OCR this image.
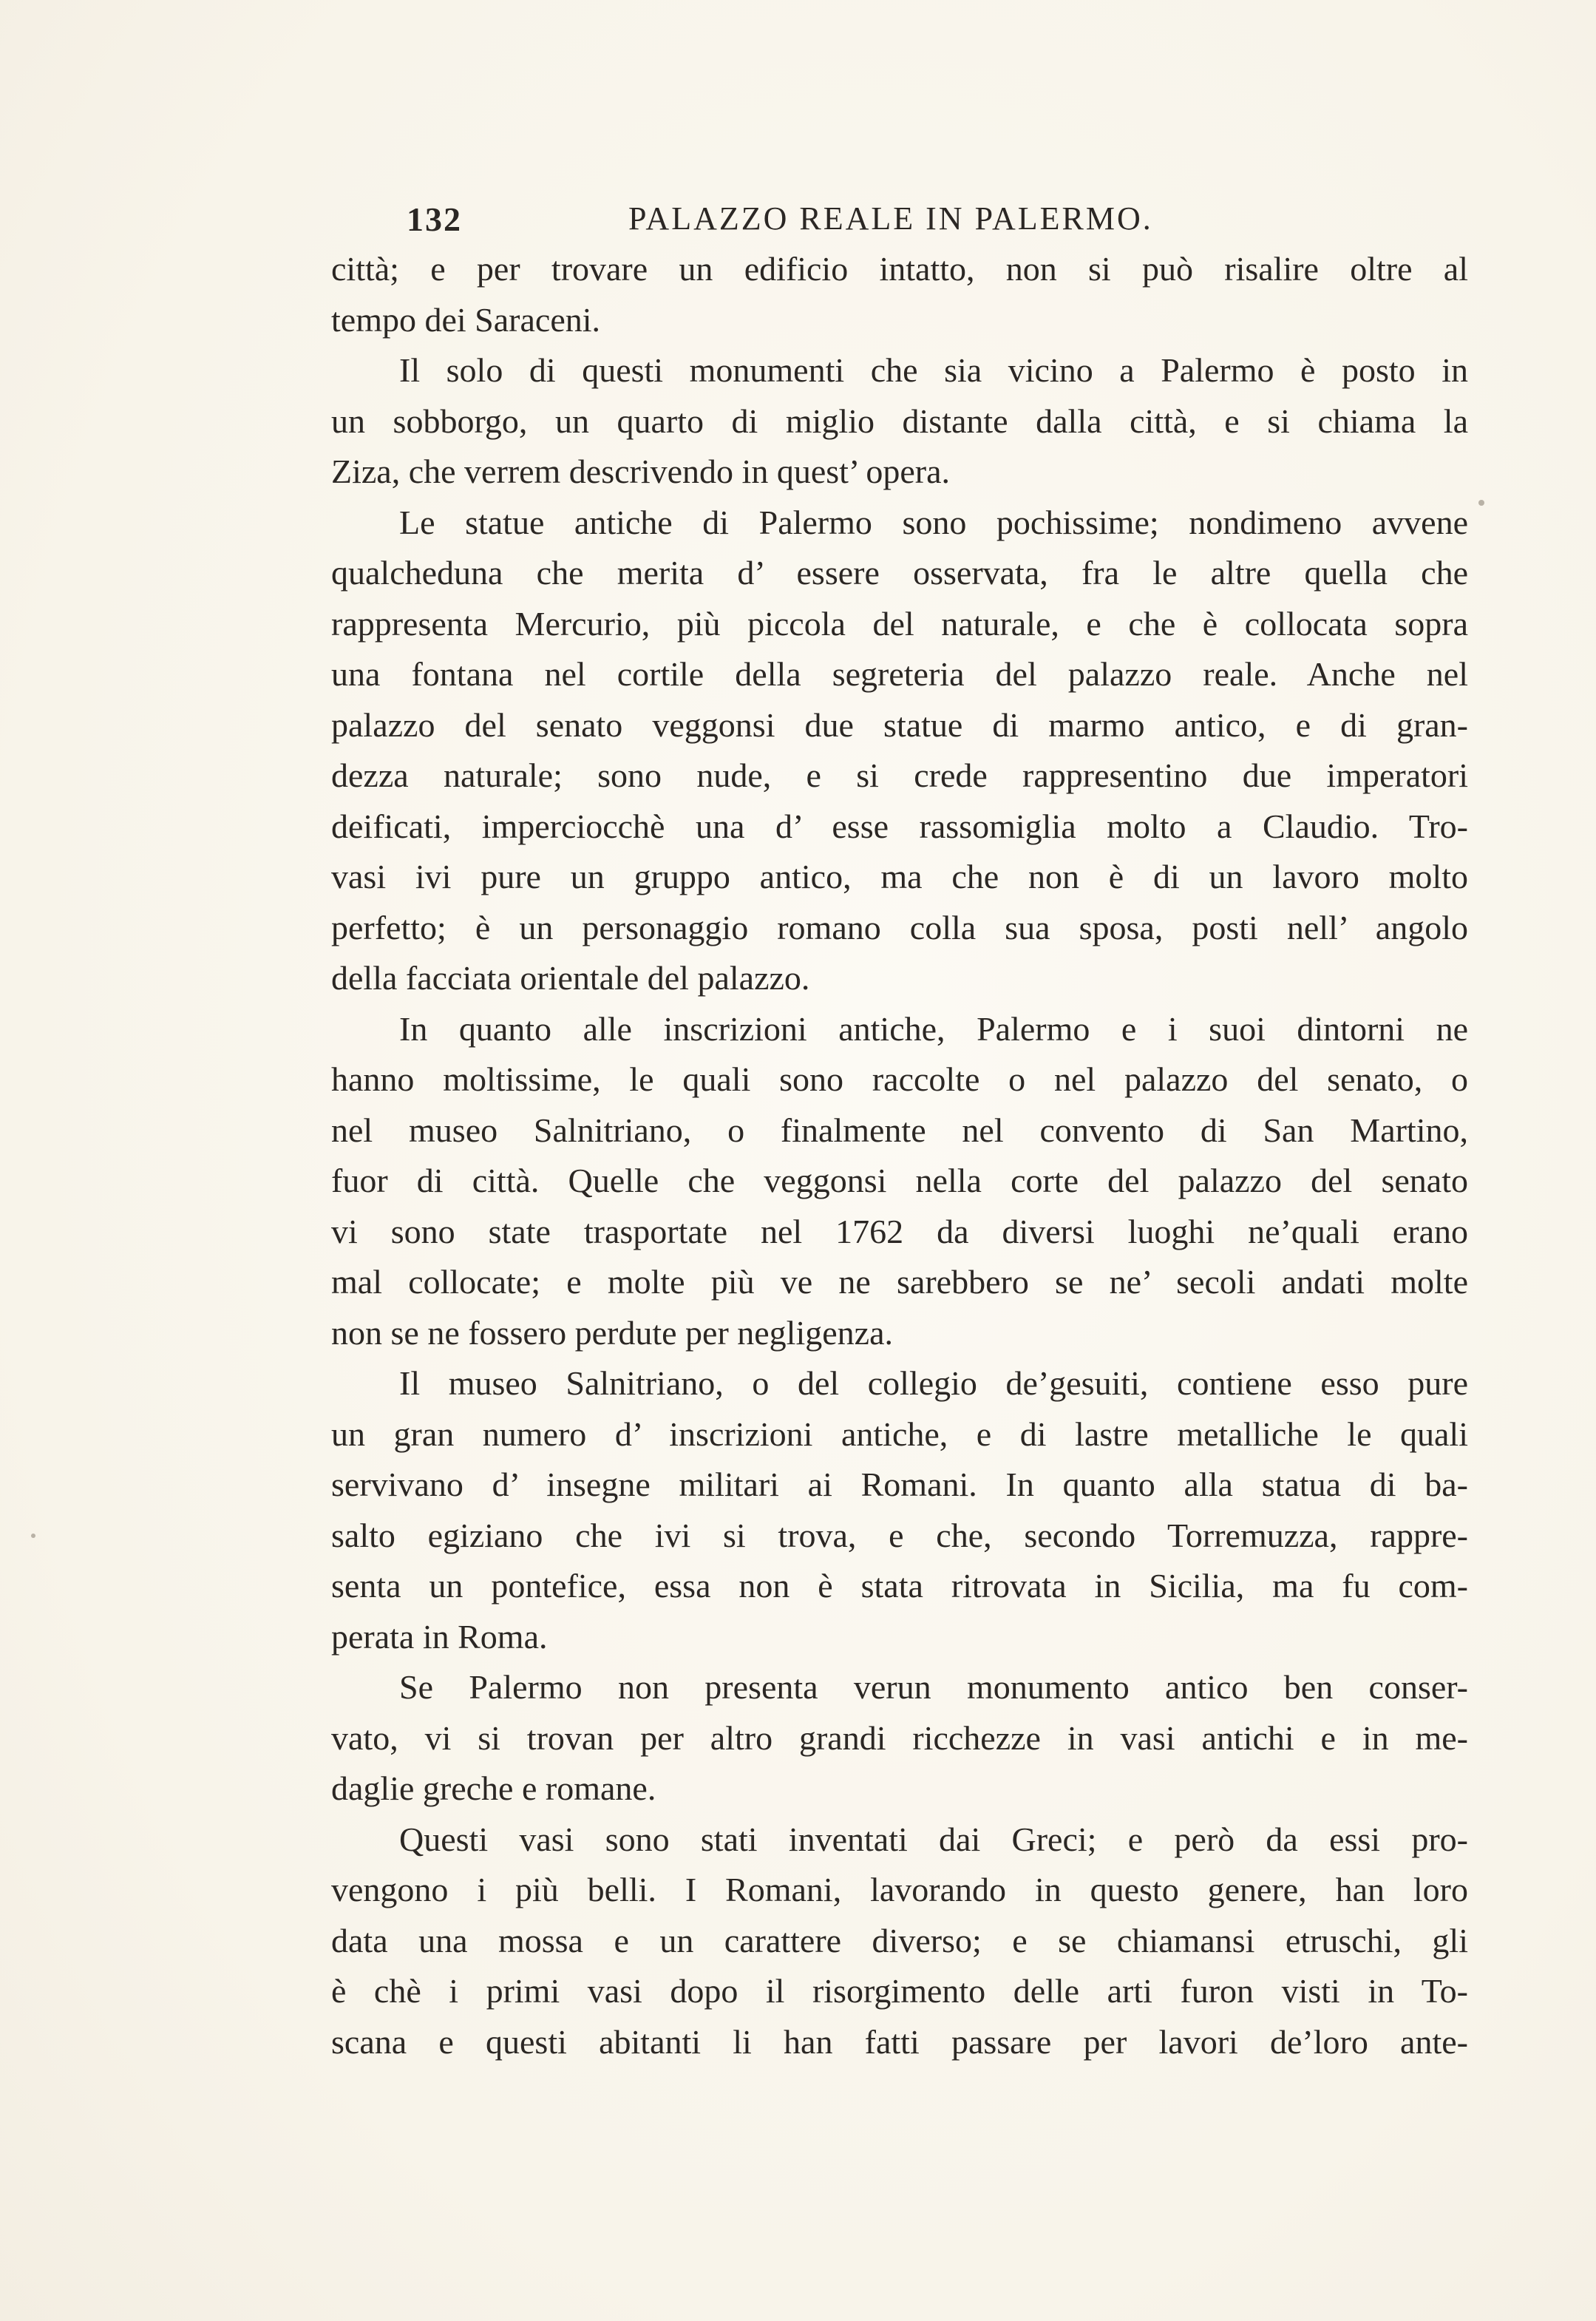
132	PALAZZO REALE IN PALERMO.
città; e per trovare un edificio intatto, non si può risalire oltre al
tempo dei Saraceni.
Il solo di questi monumenti che sia vicino a Palermo è posto in
un sobborgo, un quarto di miglio distante dalla città, e si chiama la
Ziza, che verrem descrivendo in quest’ opera.
Le statue antiche di Palermo sono pochissime; nondimeno avvene
qualcheduna che merita d’ essere osservata, fra le altre quella che
rappresenta Mercurio, più piccola del naturale, e che è collocata sopra
una fontana nel cortile della segreteria del palazzo reale. Anche nel
palazzo del senato veggonsi due statue di marmo antico, e di gran-
dezza naturale; sono nude, e si crede rappresentino due imperatori
deificati, imperciocchè una d’ esse rassomiglia molto a Claudio. Tro-
vasi ivi pure un gruppo antico, ma che non è di un lavoro molto
perfetto; è un personaggio romano colla sua sposa, posti nell’ angolo
della facciata orientale del palazzo.
In quanto alle inscrizioni antiche, Palermo e i suoi dintorni ne
hanno moltissime, le quali sono raccolte o nel palazzo del senato, o
nel museo Salnitriano, o finalmente nel convento di San Martino,
fuor di città. Quelle che veggonsi nella corte del palazzo del senato
vi sono state trasportate nel 1762 da diversi luoghi ne’quali erano
mal collocate; e molte più ve ne sarebbero se ne’ secoli andati molte
non se ne fossero perdute per negligenza.
Il museo Salnitriano, o del collegio de’gesuiti, contiene esso pure
un gran numero d’ inscrizioni antiche, e di lastre metalliche le quali
servivano d’ insegne militari ai Romani. In quanto alla statua di ba-
salto egiziano che ivi si trova, e che, secondo Torremuzza, rappre-
senta un pontefice, essa non è stata ritrovata in Sicilia, ma fu com-
perata in Roma.
Se Palermo non presenta verun monumento antico ben conser-
vato, vi si trovan per altro grandi ricchezze in vasi antichi e in me-
daglie greche e romane.
Questi vasi sono stati inventati dai Greci; e però da essi pro-
vengono i più belli. I Romani, lavorando in questo genere, han loro
data una mossa e un carattere diverso; e se chiamansi etruschi, gli
è chè i primi vasi dopo il risorgimento delle arti furon visti in To-
scana e questi abitanti li han fatti passare per lavori de’loro ante-
